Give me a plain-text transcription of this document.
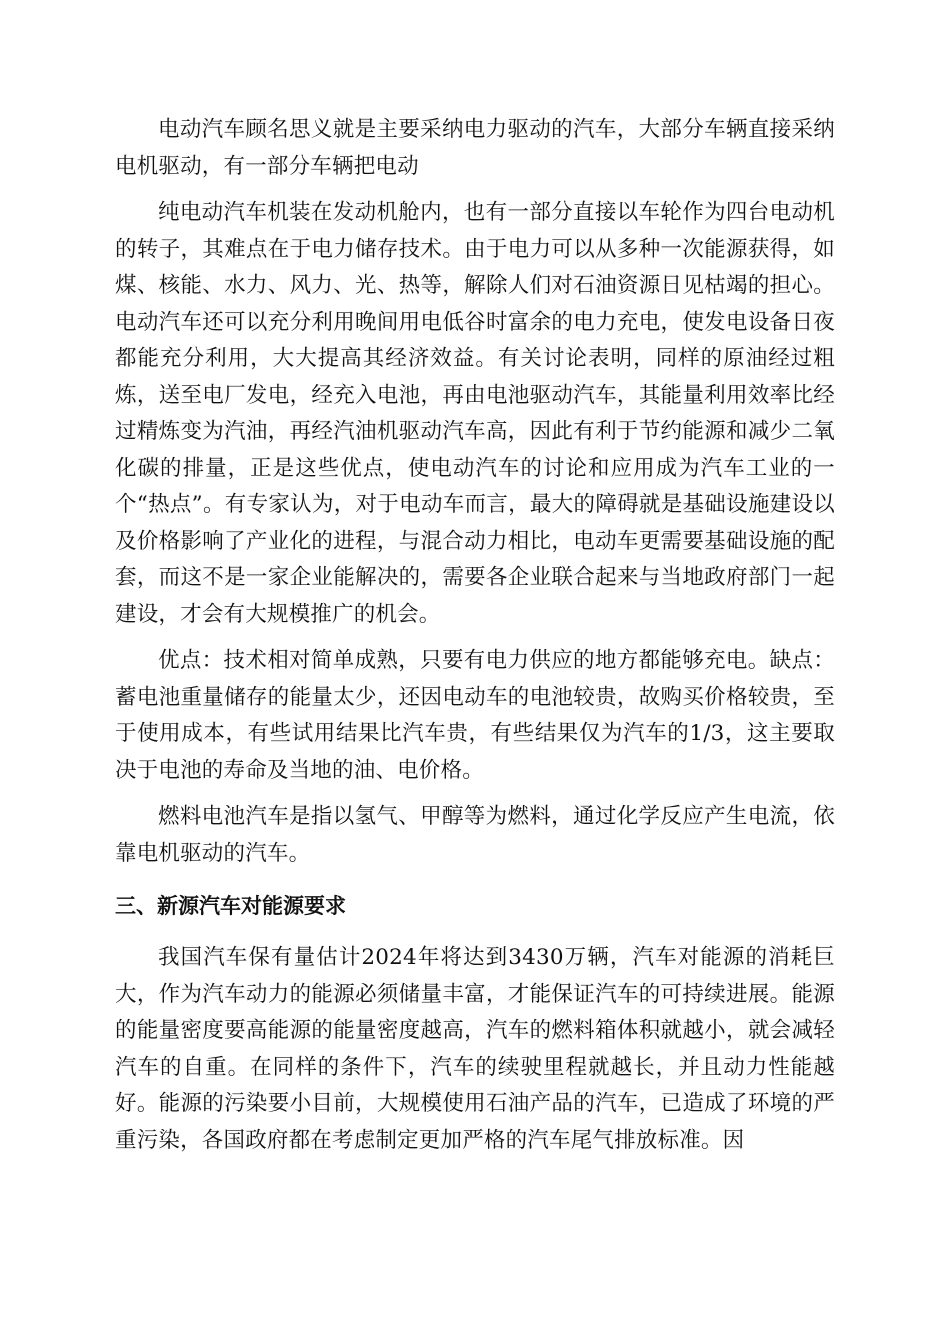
电动汽车顾名思义就是主要采纳电力驱动的汽车，大部分车辆直接采纳电机驱动，有一部分车辆把电动

纯电动汽车机装在发动机舱内，也有一部分直接以车轮作为四台电动机的转子，其难点在于电力储存技术。由于电力可以从多种一次能源获得，如煤、核能、水力、风力、光、热等，解除人们对石油资源日见枯竭的担心。电动汽车还可以充分利用晚间用电低谷时富余的电力充电，使发电设备日夜都能充分利用，大大提高其经济效益。有关讨论表明，同样的原油经过粗炼，送至电厂发电，经充入电池，再由电池驱动汽车，其能量利用效率比经过精炼变为汽油，再经汽油机驱动汽车高，因此有利于节约能源和减少二氧化碳的排量，正是这些优点，使电动汽车的讨论和应用成为汽车工业的一个“热点”。有专家认为，对于电动车而言，最大的障碍就是基础设施建设以及价格影响了产业化的进程，与混合动力相比，电动车更需要基础设施的配套，而这不是一家企业能解决的，需要各企业联合起来与当地政府部门一起建设，才会有大规模推广的机会。

优点：技术相对简单成熟，只要有电力供应的地方都能够充电。缺点：蓄电池重量储存的能量太少，还因电动车的电池较贵，故购买价格较贵，至于使用成本，有些试用结果比汽车贵，有些结果仅为汽车的1/3，这主要取决于电池的寿命及当地的油、电价格。

燃料电池汽车是指以氢气、甲醇等为燃料，通过化学反应产生电流，依靠电机驱动的汽车。

三、新源汽车对能源要求

我国汽车保有量估计2024年将达到3430万辆，汽车对能源的消耗巨大，作为汽车动力的能源必须储量丰富，才能保证汽车的可持续进展。能源的能量密度要高能源的能量密度越高，汽车的燃料箱体积就越小，就会减轻汽车的自重。在同样的条件下，汽车的续驶里程就越长，并且动力性能越好。能源的污染要小目前，大规模使用石油产品的汽车，已造成了环境的严重污染，各国政府都在考虑制定更加严格的汽车尾气排放标准。因
